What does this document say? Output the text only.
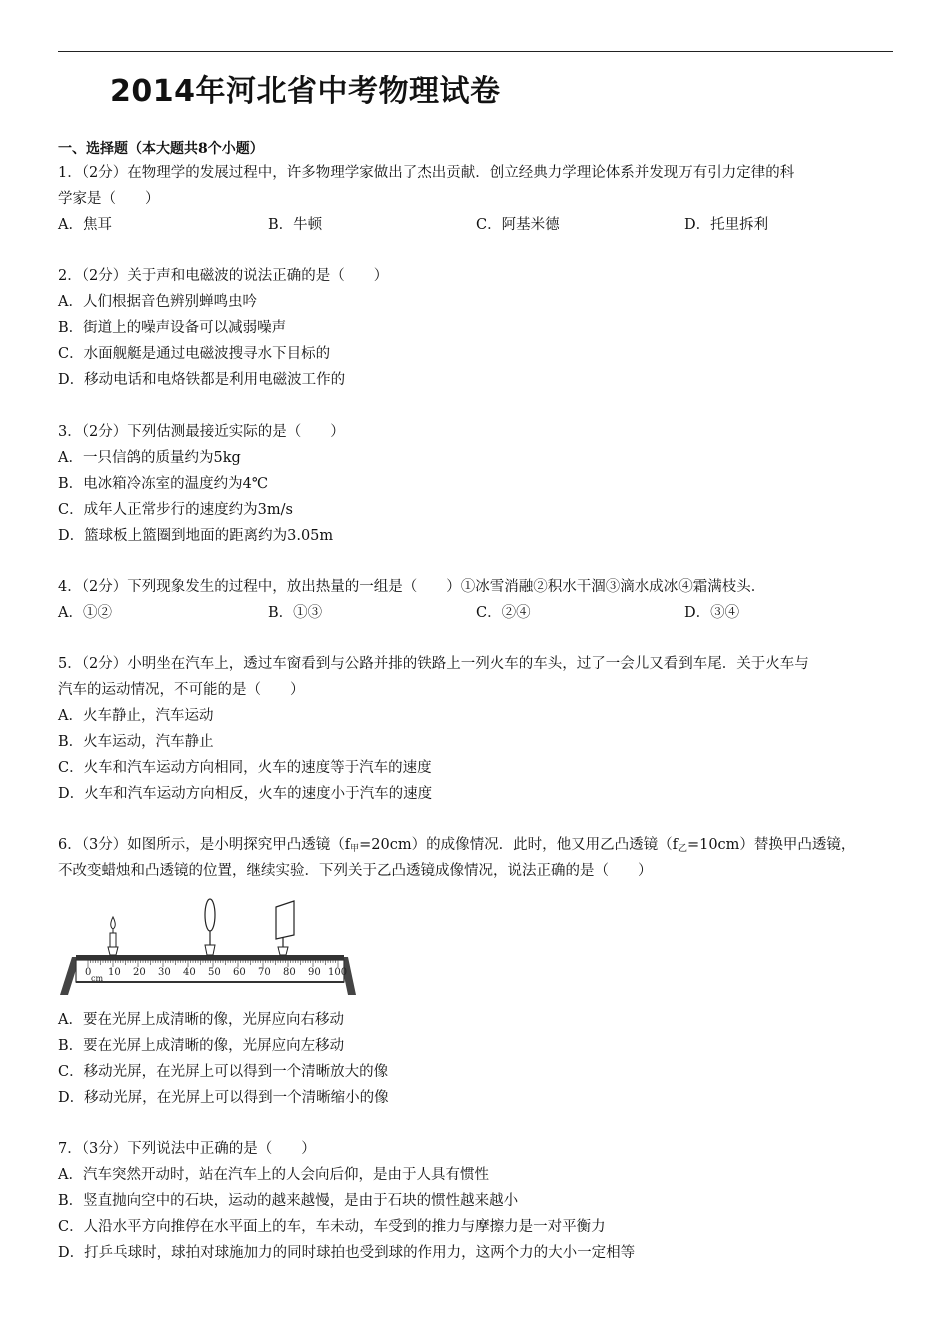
2014年河北省中考物理试卷
一、选择题（本大题共8个小题）
1．（2分）在物理学的发展过程中，许多物理学家做出了杰出贡献．创立经典力学理论体系并发现万有引力定律的科
学家是（　　）
A．焦耳	B．牛顿	C．阿基米德	D．托里拆利
2．（2分）关于声和电磁波的说法正确的是（　　）
A．人们根据音色辨别蝉鸣虫吟
B．街道上的噪声设备可以减弱噪声
C．水面舰艇是通过电磁波搜寻水下目标的
D．移动电话和电烙铁都是利用电磁波工作的
3．（2分）下列估测最接近实际的是（　　）
A．一只信鸽的质量约为5kg
B．电冰箱冷冻室的温度约为4℃
C．成年人正常步行的速度约为3m/s
D．篮球板上篮圈到地面的距离约为3.05m
4．（2分）下列现象发生的过程中，放出热量的一组是（　　）①冰雪消融②积水干涸③滴水成冰④霜满枝头．
A．①②	B．①③	C．②④	D．③④
5．（2分）小明坐在汽车上，透过车窗看到与公路并排的铁路上一列火车的车头，过了一会儿又看到车尾．关于火车与
汽车的运动情况，不可能的是（　　）
A．火车静止，汽车运动
B．火车运动，汽车静止
C．火车和汽车运动方向相同，火车的速度等于汽车的速度
D．火车和汽车运动方向相反，火车的速度小于汽车的速度
6．（3分）如图所示，是小明探究甲凸透镜$(f_甲=20cm)$的成像情况．此时，他又用乙凸透镜$(f_乙=10cm)$替换甲凸透镜，
不改变蜡烛和凸透镜的位置，继续实验．下列关于乙凸透镜成像情况，说法正确的是（　　）
0 10 20 30 40 50 60 70 80 90 100
cm
A．要在光屏上成清晰的像，光屏应向右移动
B．要在光屏上成清晰的像，光屏应向左移动
C．移动光屏，在光屏上可以得到一个清晰放大的像
D．移动光屏，在光屏上可以得到一个清晰缩小的像
7．（3分）下列说法中正确的是（　　）
A．汽车突然开动时，站在汽车上的人会向后仰，是由于人具有惯性
B．竖直抛向空中的石块，运动的越来越慢，是由于石块的惯性越来越小
C．人沿水平方向推停在水平面上的车，车未动，车受到的推力与摩擦力是一对平衡力
D．打乒乓球时，球拍对球施加力的同时球拍也受到球的作用力，这两个力的大小一定相等
